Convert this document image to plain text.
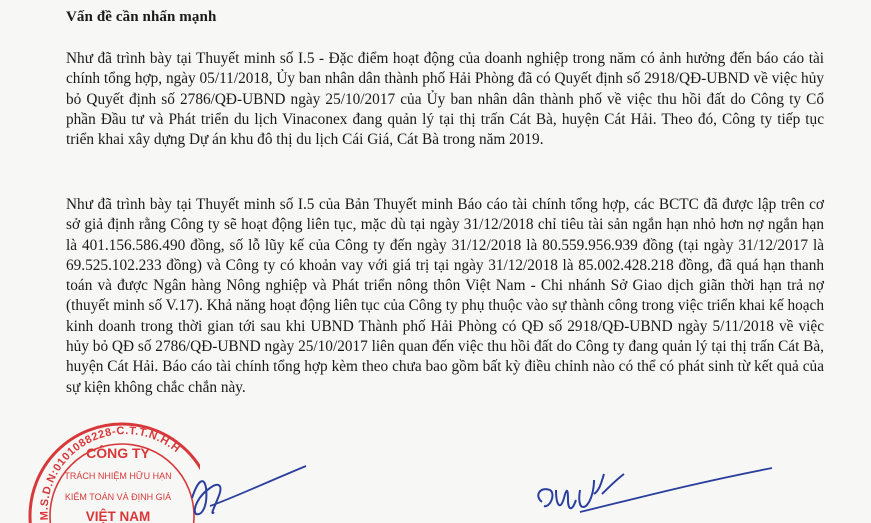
Vấn đề cần nhấn mạnh
Như đã trình bày tại Thuyết minh số I.5 - Đặc điểm hoạt động của doanh nghiệp trong năm có ảnh hưởng đến báo cáo tài chính tổng hợp, ngày 05/11/2018, Ủy ban nhân dân thành phố Hải Phòng đã có Quyết định số 2918/QĐ-UBND về việc hủy bỏ Quyết định số 2786/QĐ-UBND ngày 25/10/2017 của Ủy ban nhân dân thành phố về việc thu hồi đất do Công ty Cổ phần Đầu tư và Phát triển du lịch Vinaconex đang quản lý tại thị trấn Cát Bà, huyện Cát Hải. Theo đó, Công ty tiếp tục triển khai xây dựng Dự án khu đô thị du lịch Cái Giá, Cát Bà trong năm 2019.
Như đã trình bày tại Thuyết minh số I.5 của Bản Thuyết minh Báo cáo tài chính tổng hợp, các BCTC đã được lập trên cơ sở giả định rằng Công ty sẽ hoạt động liên tục, mặc dù tại ngày 31/12/2018 chỉ tiêu tài sản ngắn hạn nhỏ hơn nợ ngắn hạn là 401.156.586.490 đồng, số lỗ lũy kế của Công ty đến ngày 31/12/2018 là 80.559.956.939 đồng (tại ngày 31/12/2017 là 69.525.102.233 đồng) và Công ty có khoản vay với giá trị tại ngày 31/12/2018 là 85.002.428.218 đồng, đã quá hạn thanh toán và được Ngân hàng Nông nghiệp và Phát triển nông thôn Việt Nam - Chi nhánh Sở Giao dịch giãn thời hạn trả nợ (thuyết minh số V.17). Khả năng hoạt động liên tục của Công ty phụ thuộc vào sự thành công trong việc triển khai kế hoạch kinh doanh trong thời gian tới sau khi UBND Thành phố Hải Phòng có QĐ số 2918/QĐ-UBND ngày 5/11/2018 về việc hủy bỏ QĐ số 2786/QĐ-UBND ngày 25/10/2017 liên quan đến việc thu hồi đất do Công ty đang quản lý tại thị trấn Cát Bà, huyện Cát Hải. Báo cáo tài chính tổng hợp kèm theo chưa bao gồm bất kỳ điều chỉnh nào có thể có phát sinh từ kết quả của sự kiện không chắc chắn này.
M.S.D.N:0101088228-C.T.T.N.H.H
CÔNG TY
TRÁCH NHIỆM HỮU HẠN
KIỂM TOÁN VÀ ĐỊNH GIÁ
VIỆT NAM
